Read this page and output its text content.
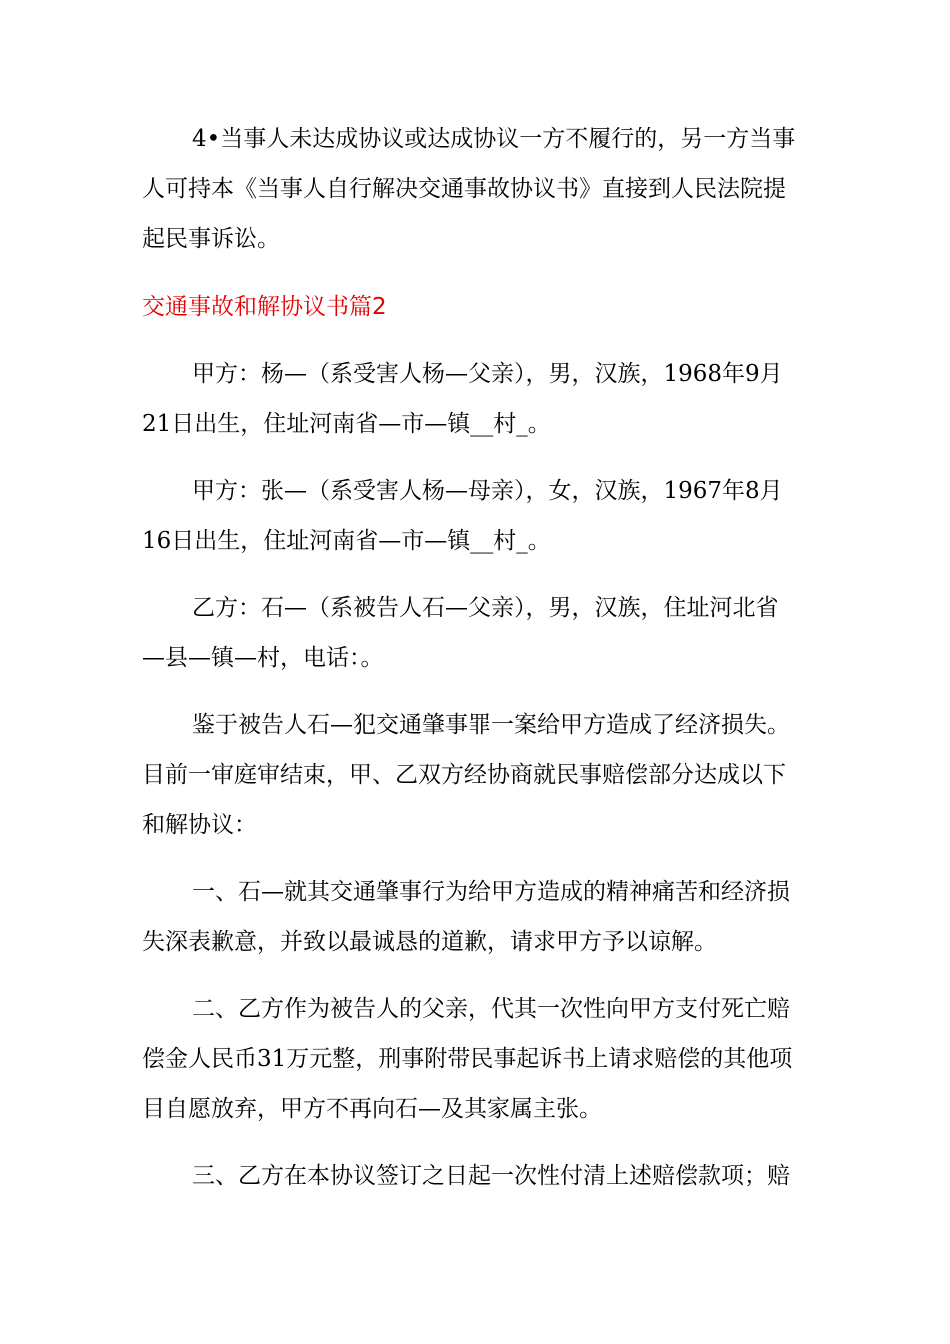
4•当事人未达成协议或达成协议一方不履行的，另一方当事
人可持本《当事人自行解决交通事故协议书》直接到人民法院提
起民事诉讼。
交通事故和解协议书篇2
甲方：杨—（系受害人杨—父亲），男，汉族，1968年9月
21日出生，住址河南省—市—镇__村_。
甲方：张—（系受害人杨—母亲），女，汉族，1967年8月
16日出生，住址河南省—市—镇__村_。
乙方：石—（系被告人石—父亲），男，汉族，住址河北省
—县—镇—村，电话：。
鉴于被告人石—犯交通肇事罪一案给甲方造成了经济损失。
目前一审庭审结束，甲、乙双方经协商就民事赔偿部分达成以下
和解协议：
一、石—就其交通肇事行为给甲方造成的精神痛苦和经济损
失深表歉意，并致以最诚恳的道歉，请求甲方予以谅解。
二、乙方作为被告人的父亲，代其一次性向甲方支付死亡赔
偿金人民币31万元整，刑事附带民事起诉书上请求赔偿的其他项
目自愿放弃，甲方不再向石—及其家属主张。
三、乙方在本协议签订之日起一次性付清上述赔偿款项；赔
